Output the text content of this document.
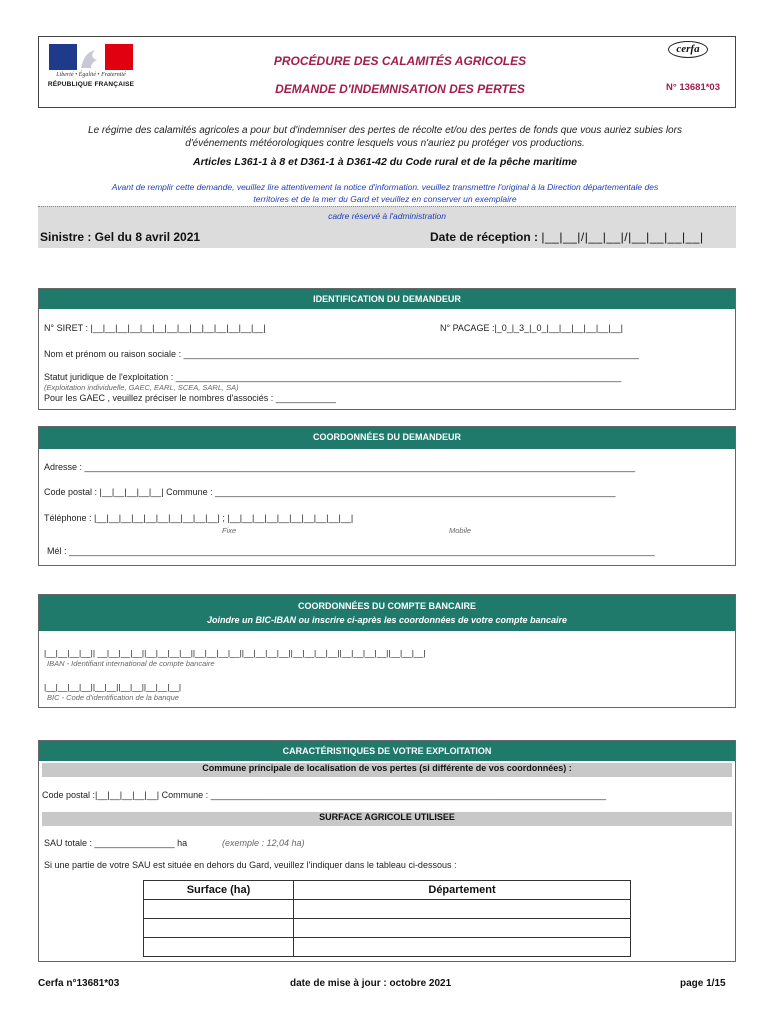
Liberté • Égalité • Fraternité
RÉPUBLIQUE FRANÇAISE
PROCÉDURE DES CALAMITÉS AGRICOLES
DEMANDE D'INDEMNISATION DES PERTES
cerfa
N° 13681*03
Le régime des calamités agricoles a pour but d'indemniser des pertes de récolte et/ou des pertes de fonds que vous auriez subies lors
d'événements météorologiques contre lesquels vous n'auriez pu protéger vos productions.
Articles L361-1 à 8 et D361-1 à D361-42 du Code rural et de la pêche maritime
Avant de remplir cette demande, veuillez lire attentivement la notice d'information. veuillez transmettre l'original à la Direction départementale des
territoires et de la mer du Gard et veuillez en conserver un exemplaire
cadre réservé à l'administration
Sinistre : Gel du 8 avril 2021	Date de réception : |__|__|/|__|__|/|__|__|__|__|
IDENTIFICATION DU DEMANDEUR
N° SIRET : |__|__|__|__|__|__|__|__|__|__|__|__|__|__|	N° PACAGE :|_0_|_3_|_0_|__|__|__|__|__|__|
Nom et prénom ou raison sociale : ___________________________________________________________________________________________
Statut juridique de l'exploitation : _________________________________________________________________________________________
(Exploitation individuelle, GAEC, EARL, SCEA, SARL, SA)
Pour les GAEC , veuillez préciser le nombres d'associés : ____________
COORDONNÉES DU DEMANDEUR
Adresse : ______________________________________________________________________________________________________________
Code postal : |__|__|__|__|__| Commune : ________________________________________________________________________________
Téléphone : |__|__|__|__|__|__|__|__|__|__| ; |__|__|__|__|__|__|__|__|__|__|
Fixe	Mobile
Mél : _____________________________________________________________________________________________________________________
COORDONNÉES DU COMPTE BANCAIRE
Joindre un BIC-IBAN ou inscrire ci-après les coordonnées de votre compte bancaire
|__|__|__|__|| __|__|__|__||__|__|__|__||__|__|__|__||__|__|__|__||__|__|__|__||__|__|__|__||__|__|__|
IBAN - Identifiant international de compte bancaire
|__|__|__|__||__|__||__|__||__|__|__|
BIC - Code d'identification de la banque
CARACTÉRISTIQUES DE VOTRE EXPLOITATION
Commune principale de localisation de vos pertes (si différente de vos coordonnées) :
Code postal :|__|__|__|__|__| Commune : _______________________________________________________________________________
SURFACE AGRICOLE UTILISEE
SAU totale : ________________ ha	(exemple : 12,04 ha)
Si une partie de votre SAU est située en dehors du Gard, veuillez l'indiquer dans le tableau ci-dessous :
Surface (ha)	Département

Cerfa n°13681*03	date de mise à jour : octobre 2021	page 1/15
